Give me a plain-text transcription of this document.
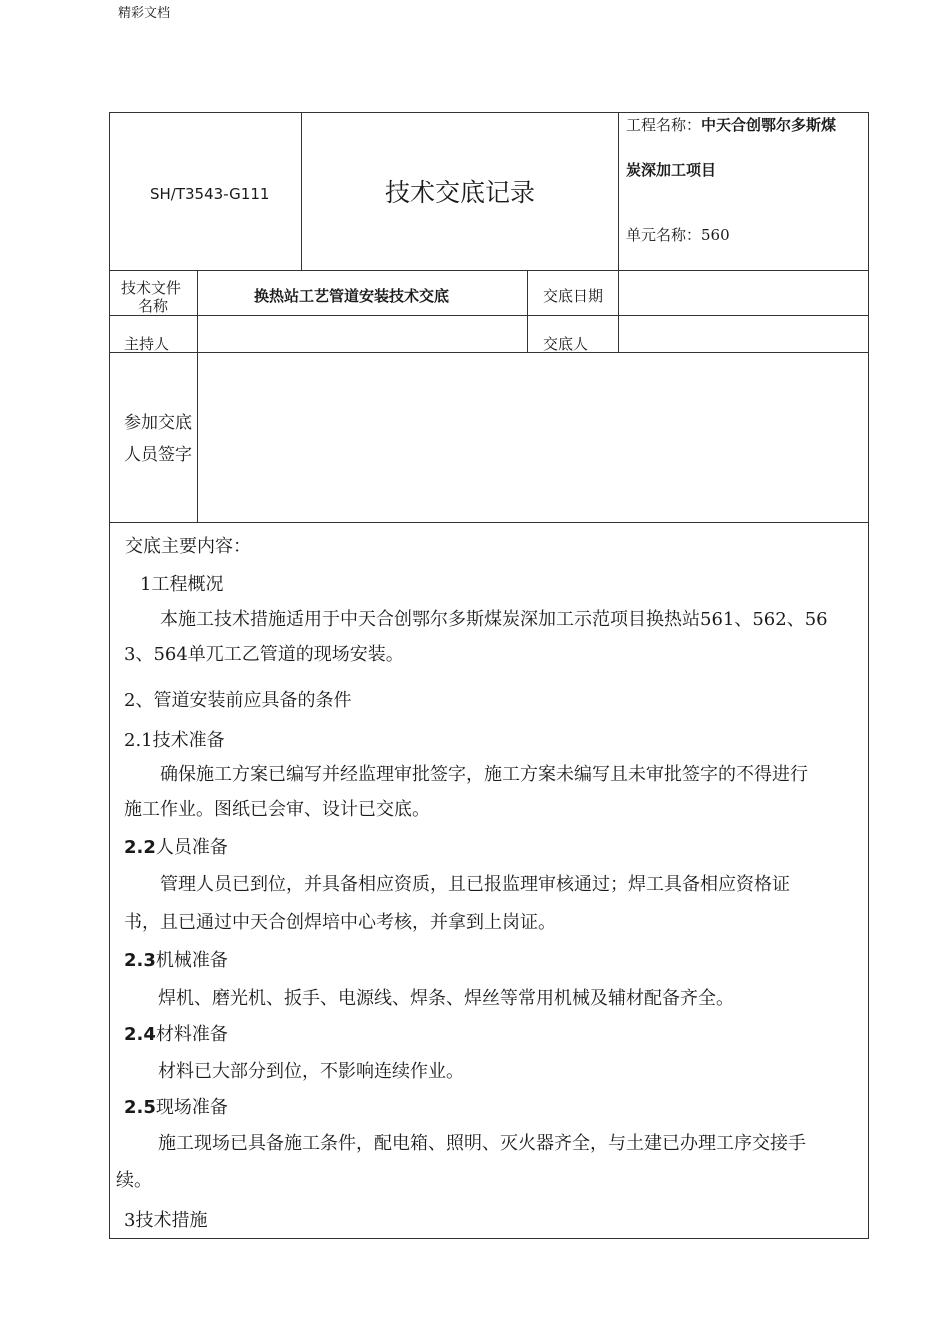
精彩文档
SH/T3543-G111	技术交底记录
工程名称：中天合创鄂尔多斯煤
炭深加工项目
单元名称：560
技术文件
名称
换热站工艺管道安装技术交底	交底日期
主持人	交底人
参加交底
人员签字
交底主要内容：
1工程概况
本施工技术措施适用于中天合创鄂尔多斯煤炭深加工示范项目换热站561、562、56
3、564单兀工乙管道的现场安装。
2、管道安装前应具备的条件
2.1技术准备
确保施工方案已编写并经监理审批签字，施工方案未编写且未审批签字的不得进行
施工作业。图纸已会审、设计已交底。
2.2人员准备
管理人员已到位，并具备相应资质，且已报监理审核通过；焊工具备相应资格证
书，且已通过中天合创焊培中心考核，并拿到上岗证。
2.3机械准备
焊机、磨光机、扳手、电源线、焊条、焊丝等常用机械及辅材配备齐全。
2.4材料准备
材料已大部分到位，不影响连续作业。
2.5现场准备
施工现场已具备施工条件，配电箱、照明、灭火器齐全，与土建已办理工序交接手
续。
3技术措施
